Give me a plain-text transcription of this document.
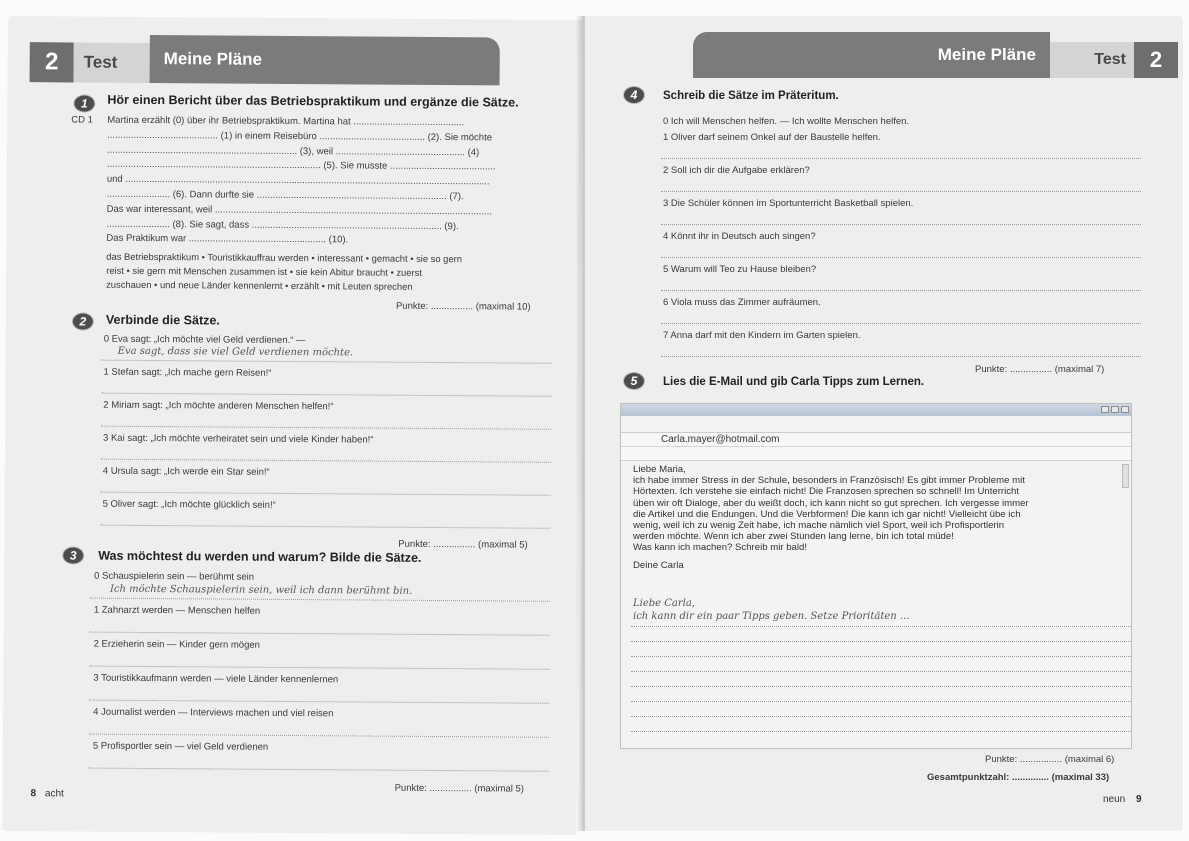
2	Test	Meine Pläne
1	Hör einen Bericht über das Betriebspraktikum und ergänze die Sätze.
CD 1 Martina erzählt (0) über ihr Betriebspraktikum. Martina hat ..........................................
.......................................... (1) in einem Reisebüro ........................................ (2). Sie möchte
........................................................................ (3), weil ................................................. (4)
................................................................................. (5). Sie musste ........................................
und ..........................................................................................................................................
........................ (6). Dann durfte sie ........................................................................ (7).
Das war interessant, weil .........................................................................................................
........................ (8). Sie sagt, dass ........................................................................ (9).
Das Praktikum war .................................................... (10).
das Betriebspraktikum • Touristikkauffrau werden • interessant • gemacht • sie so gern
reist • sie gern mit Menschen zusammen ist • sie kein Abitur braucht • zuerst
zuschauen • und neue Länder kennenlernt • erzählt • mit Leuten sprechen
Punkte: ................ (maximal 10)
2	Verbinde die Sätze.
0 Eva sagt: „Ich möchte viel Geld verdienen.“ —
Eva sagt, dass sie viel Geld verdienen möchte.
1 Stefan sagt: „Ich mache gern Reisen!“
2 Miriam sagt: „Ich möchte anderen Menschen helfen!“
3 Kai sagt: „Ich möchte verheiratet sein und viele Kinder haben!“
4 Ursula sagt: „Ich werde ein Star sein!“
5 Oliver sagt: „Ich möchte glücklich sein!“
Punkte: ................ (maximal 5)
3	Was möchtest du werden und warum? Bilde die Sätze.
0 Schauspielerin sein — berühmt sein
Ich möchte Schauspielerin sein, weil ich dann berühmt bin.
1 Zahnarzt werden — Menschen helfen
2 Erzieherin sein — Kinder gern mögen
3 Touristikkaufmann werden — viele Länder kennenlernen
4 Journalist werden — Interviews machen und viel reisen
5 Profisportler sein — viel Geld verdienen
Punkte: ................ (maximal 5)
8 acht
Meine Pläne	Test	2
4	Schreib die Sätze im Präteritum.
0 Ich will Menschen helfen. — Ich wollte Menschen helfen.
1 Oliver darf seinem Onkel auf der Baustelle helfen.
2 Soll ich dir die Aufgabe erklären?
3 Die Schüler können im Sportunterricht Basketball spielen.
4 Könnt ihr in Deutsch auch singen?
5 Warum will Teo zu Hause bleiben?
6 Viola muss das Zimmer aufräumen.
7 Anna darf mit den Kindern im Garten spielen.
Punkte: ................ (maximal 7)
5	Lies die E-Mail und gib Carla Tipps zum Lernen.
Carla.mayer@hotmail.com
Liebe Maria,
ich habe immer Stress in der Schule, besonders in Französisch! Es gibt immer Probleme mit
Hörtexten. Ich verstehe sie einfach nicht! Die Franzosen sprechen so schnell! Im Unterricht
üben wir oft Dialoge, aber du weißt doch, ich kann nicht so gut sprechen. Ich vergesse immer
die Artikel und die Endungen. Und die Verbformen! Die kann ich gar nicht! Vielleicht übe ich
wenig, weil ich zu wenig Zeit habe, ich mache nämlich viel Sport, weil ich Profisportlerin
werden möchte. Wenn ich aber zwei Stunden lang lerne, bin ich total müde!
Was kann ich machen? Schreib mir bald!
Deine Carla
Liebe Carla,
ich kann dir ein paar Tipps geben. Setze Prioritäten ...
Punkte: ................ (maximal 6)
Gesamtpunktzahl: .............. (maximal 33)
neun 9
